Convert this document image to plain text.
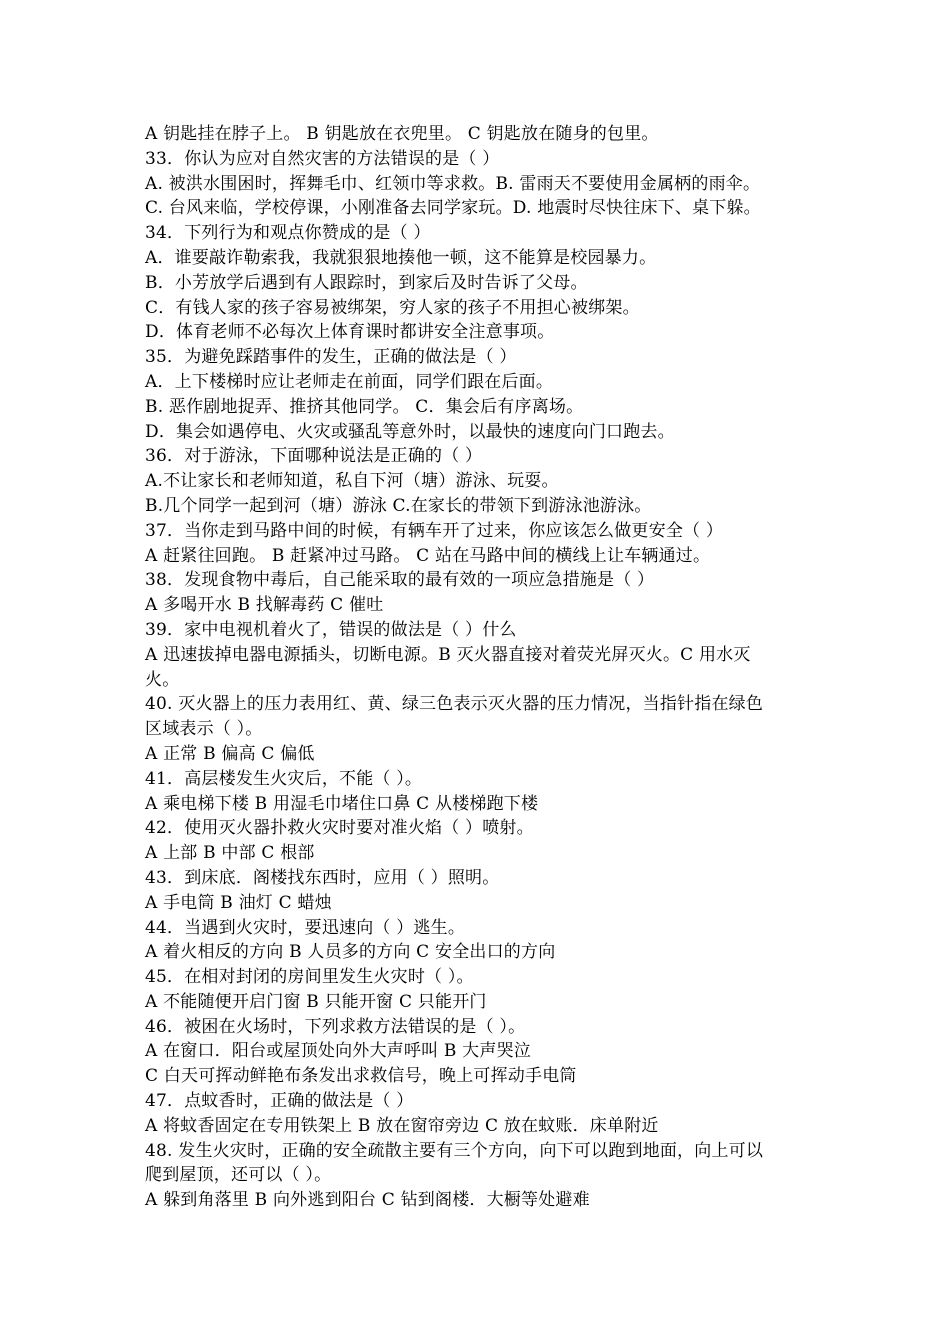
A 钥匙挂在脖子上。 B 钥匙放在衣兜里。 C 钥匙放在随身的包里。
33．你认为应对自然灾害的方法错误的是（ ）
A. 被洪水围困时，挥舞毛巾、红领巾等求救。B. 雷雨天不要使用金属柄的雨伞。
C. 台风来临，学校停课，小刚准备去同学家玩。D. 地震时尽快往床下、桌下躲。
34．下列行为和观点你赞成的是（ ）
A．谁要敲诈勒索我，我就狠狠地揍他一顿，这不能算是校园暴力。
B．小芳放学后遇到有人跟踪时，到家后及时告诉了父母。
C．有钱人家的孩子容易被绑架，穷人家的孩子不用担心被绑架。
D．体育老师不必每次上体育课时都讲安全注意事项。
35．为避免踩踏事件的发生，正确的做法是（ ）
A．上下楼梯时应让老师走在前面，同学们跟在后面。
B. 恶作剧地捉弄、推挤其他同学。 C．集会后有序离场。
D．集会如遇停电、火灾或骚乱等意外时，以最快的速度向门口跑去。
36．对于游泳，下面哪种说法是正确的（ ）
A.不让家长和老师知道，私自下河（塘）游泳、玩耍。
B.几个同学一起到河（塘）游泳 C.在家长的带领下到游泳池游泳。
37．当你走到马路中间的时候，有辆车开了过来，你应该怎么做更安全（ ）
A 赶紧往回跑。 B 赶紧冲过马路。 C 站在马路中间的横线上让车辆通过。
38．发现食物中毒后，自己能采取的最有效的一项应急措施是（ ）
A 多喝开水 B 找解毒药 C 催吐
39．家中电视机着火了，错误的做法是（ ）什么
A 迅速拔掉电器电源插头，切断电源。B 灭火器直接对着荧光屏灭火。C 用水灭
火。
40. 灭火器上的压力表用红、黄、绿三色表示灭火器的压力情况，当指针指在绿色
区域表示（ ）。
A 正常 B 偏高 C 偏低
41．高层楼发生火灾后，不能（ ）。
A 乘电梯下楼 B 用湿毛巾堵住口鼻 C 从楼梯跑下楼
42．使用灭火器扑救火灾时要对准火焰（ ）喷射。
A 上部 B 中部 C 根部
43．到床底．阁楼找东西时，应用（ ）照明。
A 手电筒 B 油灯 C 蜡烛
44．当遇到火灾时，要迅速向（ ）逃生。
A 着火相反的方向 B 人员多的方向 C 安全出口的方向
45．在相对封闭的房间里发生火灾时（ ）。
A 不能随便开启门窗 B 只能开窗 C 只能开门
46．被困在火场时，下列求救方法错误的是（ ）。
A 在窗口．阳台或屋顶处向外大声呼叫 B 大声哭泣
C 白天可挥动鲜艳布条发出求救信号，晚上可挥动手电筒
47．点蚊香时，正确的做法是（ ）
A 将蚊香固定在专用铁架上 B 放在窗帘旁边 C 放在蚊账．床单附近
48. 发生火灾时，正确的安全疏散主要有三个方向，向下可以跑到地面，向上可以
爬到屋顶，还可以（ ）。
A 躲到角落里 B 向外逃到阳台 C 钻到阁楼．大橱等处避难
